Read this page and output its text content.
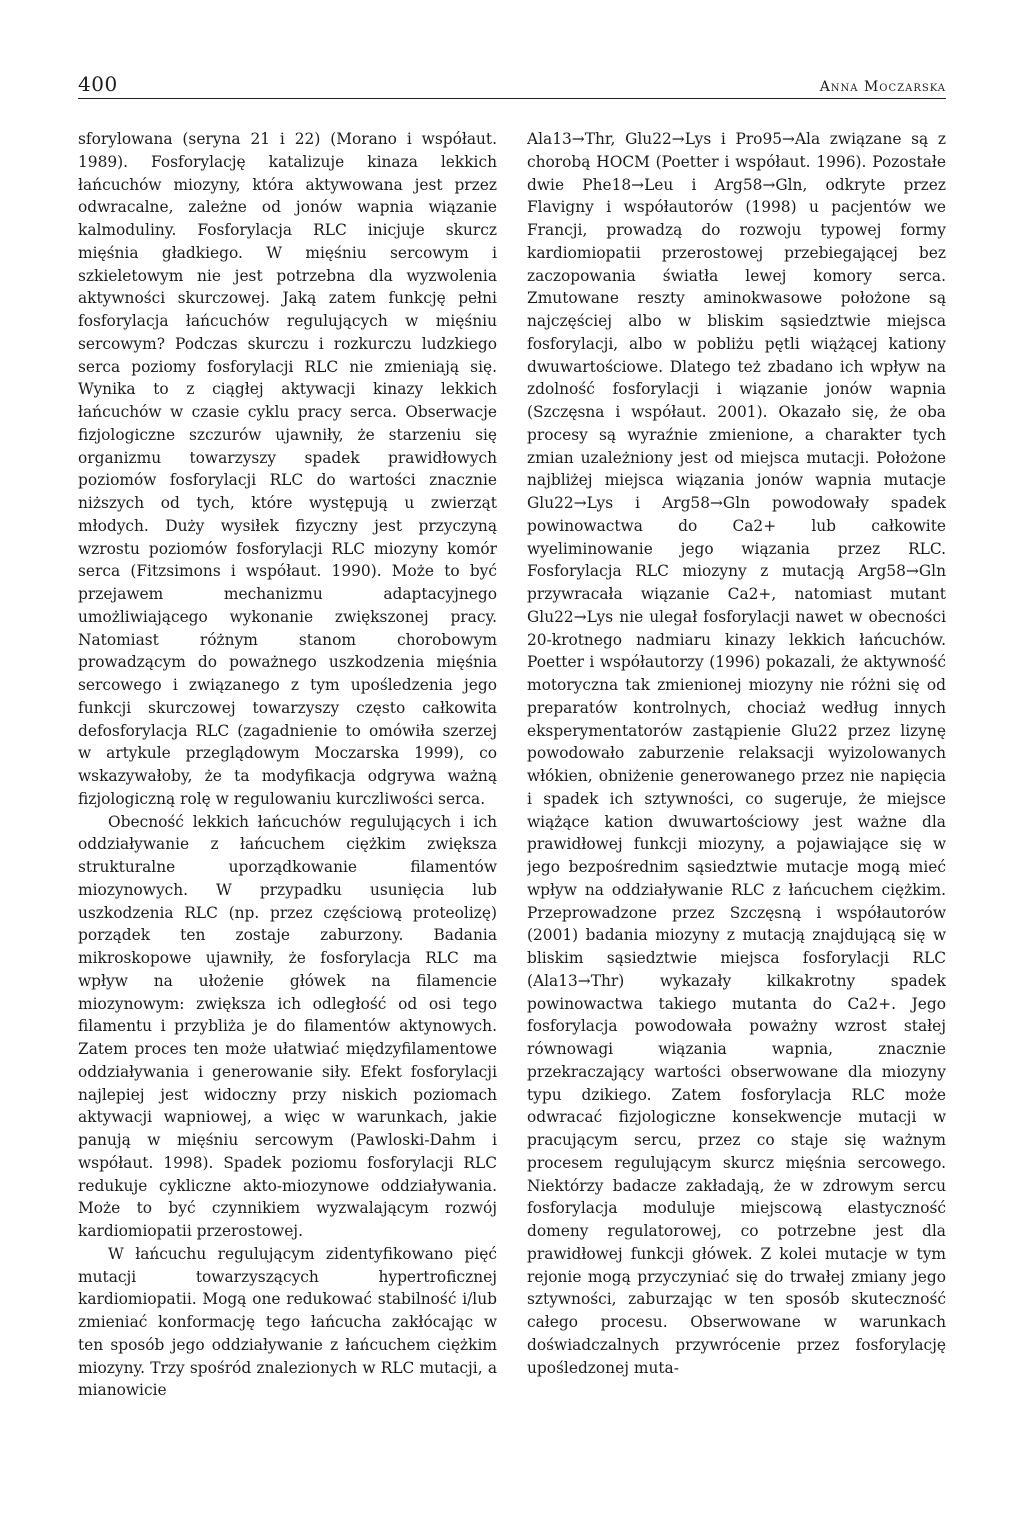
400	Anna Moczarska

sforylowana (seryna 21 i 22) (Morano i współaut. 1989). Fosforylację katalizuje kinaza lekkich łańcuchów miozyny, która aktywowana jest przez odwracalne, zależne od jonów wapnia wiązanie kalmoduliny. Fosforylacja RLC inicjuje skurcz mięśnia gładkiego. W mięśniu sercowym i szkieletowym nie jest potrzebna dla wyzwolenia aktywności skurczowej. Jaką zatem funkcję pełni fosforylacja łańcuchów regulujących w mięśniu sercowym? Podczas skurczu i rozkurczu ludzkiego serca poziomy fosforylacji RLC nie zmieniają się. Wynika to z ciągłej aktywacji kinazy lekkich łańcuchów w czasie cyklu pracy serca. Obserwacje fizjologiczne szczurów ujawniły, że starzeniu się organizmu towarzyszy spadek prawidłowych poziomów fosforylacji RLC do wartości znacznie niższych od tych, które występują u zwierząt młodych. Duży wysiłek fizyczny jest przyczyną wzrostu poziomów fosforylacji RLC miozyny komór serca (Fitzsimons i współaut. 1990). Może to być przejawem mechanizmu adaptacyjnego umożliwiającego wykonanie zwiększonej pracy. Natomiast różnym stanom chorobowym prowadzącym do poważnego uszkodzenia mięśnia sercowego i związanego z tym upośledzenia jego funkcji skurczowej towarzyszy często całkowita defosforylacja RLC (zagadnienie to omówiła szerzej w artykule przeglądowym Moczarska 1999), co wskazywałoby, że ta modyfikacja odgrywa ważną fizjologiczną rolę w regulowaniu kurczliwości serca.

Obecność lekkich łańcuchów regulujących i ich oddziaływanie z łańcuchem ciężkim zwiększa strukturalne uporządkowanie filamentów miozynowych. W przypadku usunięcia lub uszkodzenia RLC (np. przez częściową proteolizę) porządek ten zostaje zaburzony. Badania mikroskopowe ujawniły, że fosforylacja RLC ma wpływ na ułożenie główek na filamencie miozynowym: zwiększa ich odległość od osi tego filamentu i przybliża je do filamentów aktynowych. Zatem proces ten może ułatwiać międzyfilamentowe oddziaływania i generowanie siły. Efekt fosforylacji najlepiej jest widoczny przy niskich poziomach aktywacji wapniowej, a więc w warunkach, jakie panują w mięśniu sercowym (Pawloski-Dahm i współaut. 1998). Spadek poziomu fosforylacji RLC redukuje cykliczne akto-miozynowe oddziaływania. Może to być czynnikiem wyzwalającym rozwój kardiomiopatii przerostowej.

W łańcuchu regulującym zidentyfikowano pięć mutacji towarzyszących hypertroficznej kardiomiopatii. Mogą one redukować stabilność i/lub zmieniać konformację tego łańcucha zakłócając w ten sposób jego oddziaływanie z łańcuchem ciężkim miozyny. Trzy spośród znalezionych w RLC mutacji, a mianowicie

Ala13→Thr, Glu22→Lys i Pro95→Ala związane są z chorobą HOCM (Poetter i współaut. 1996). Pozostałe dwie Phe18→Leu i Arg58→Gln, odkryte przez Flavigny i współautorów (1998) u pacjentów we Francji, prowadzą do rozwoju typowej formy kardiomiopatii przerostowej przebiegającej bez zaczopowania światła lewej komory serca. Zmutowane reszty aminokwasowe położone są najczęściej albo w bliskim sąsiedztwie miejsca fosforylacji, albo w pobliżu pętli wiążącej kationy dwuwartościowe. Dlatego też zbadano ich wpływ na zdolność fosforylacji i wiązanie jonów wapnia (Szczęsna i współaut. 2001). Okazało się, że oba procesy są wyraźnie zmienione, a charakter tych zmian uzależniony jest od miejsca mutacji. Położone najbliżej miejsca wiązania jonów wapnia mutacje Glu22→Lys i Arg58→Gln powodowały spadek powinowactwa do Ca2+ lub całkowite wyeliminowanie jego wiązania przez RLC. Fosforylacja RLC miozyny z mutacją Arg58→Gln przywracała wiązanie Ca2+, natomiast mutant Glu22→Lys nie ulegał fosforylacji nawet w obecności 20-krotnego nadmiaru kinazy lekkich łańcuchów. Poetter i współautorzy (1996) pokazali, że aktywność motoryczna tak zmienionej miozyny nie różni się od preparatów kontrolnych, chociaż według innych eksperymentatorów zastąpienie Glu22 przez lizynę powodowało zaburzenie relaksacji wyizolowanych włókien, obniżenie generowanego przez nie napięcia i spadek ich sztywności, co sugeruje, że miejsce wiążące kation dwuwartościowy jest ważne dla prawidłowej funkcji miozyny, a pojawiające się w jego bezpośrednim sąsiedztwie mutacje mogą mieć wpływ na oddziaływanie RLC z łańcuchem ciężkim. Przeprowadzone przez Szczęsną i współautorów (2001) badania miozyny z mutacją znajdującą się w bliskim sąsiedztwie miejsca fosforylacji RLC (Ala13→Thr) wykazały kilkakrotny spadek powinowactwa takiego mutanta do Ca2+. Jego fosforylacja powodowała poważny wzrost stałej równowagi wiązania wapnia, znacznie przekraczający wartości obserwowane dla miozyny typu dzikiego. Zatem fosforylacja RLC może odwracać fizjologiczne konsekwencje mutacji w pracującym sercu, przez co staje się ważnym procesem regulującym skurcz mięśnia sercowego. Niektórzy badacze zakładają, że w zdrowym sercu fosforylacja moduluje miejscową elastyczność domeny regulatorowej, co potrzebne jest dla prawidłowej funkcji główek. Z kolei mutacje w tym rejonie mogą przyczyniać się do trwałej zmiany jego sztywności, zaburzając w ten sposób skuteczność całego procesu. Obserwowane w warunkach doświadczalnych przywrócenie przez fosforylację upośledzonej muta-
